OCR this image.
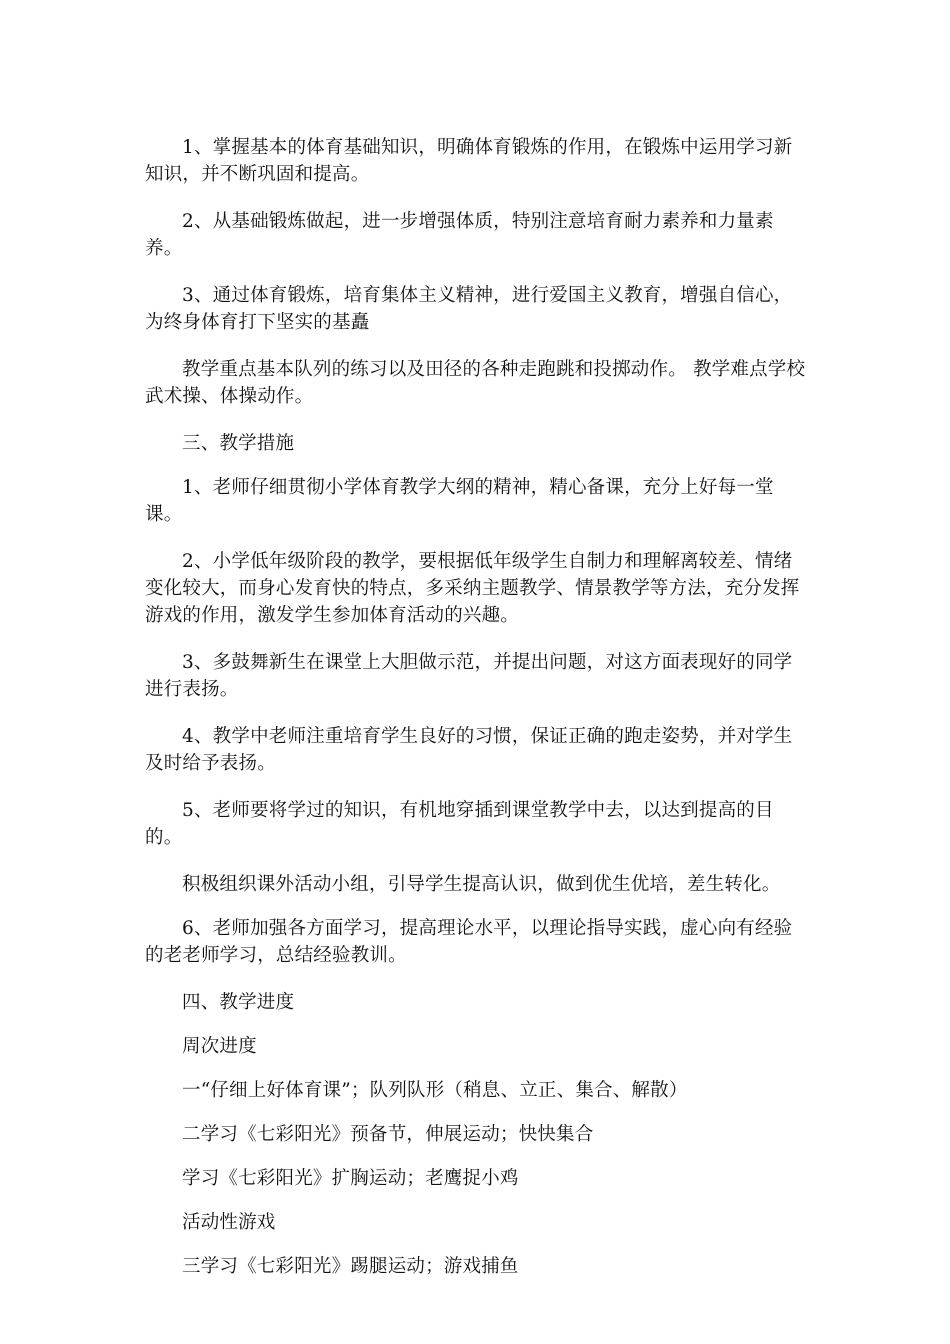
1、掌握基本的体育基础知识，明确体育锻炼的作用，在锻炼中运用学习新知识，并不断巩固和提高。

2、从基础锻炼做起，进一步增强体质，特别注意培育耐力素养和力量素养。

3、通过体育锻炼，培育集体主义精神，进行爱国主义教育，增强自信心，为终身体育打下坚实的基矗

教学重点基本队列的练习以及田径的各种走跑跳和投掷动作。 教学难点学校武术操、体操动作。

三、教学措施

1、老师仔细贯彻小学体育教学大纲的精神，精心备课，充分上好每一堂课。

2、小学低年级阶段的教学，要根据低年级学生自制力和理解离较差、情绪变化较大，而身心发育快的特点，多采纳主题教学、情景教学等方法，充分发挥游戏的作用，激发学生参加体育活动的兴趣。

3、多鼓舞新生在课堂上大胆做示范，并提出问题，对这方面表现好的同学进行表扬。

4、教学中老师注重培育学生良好的习惯，保证正确的跑走姿势，并对学生及时给予表扬。

5、老师要将学过的知识，有机地穿插到课堂教学中去，以达到提高的目的。

积极组织课外活动小组，引导学生提高认识，做到优生优培，差生转化。

6、老师加强各方面学习，提高理论水平，以理论指导实践，虚心向有经验的老老师学习，总结经验教训。

四、教学进度

周次进度

一“仔细上好体育课”；队列队形（稍息、立正、集合、解散）

二学习《七彩阳光》预备节，伸展运动；快快集合

学习《七彩阳光》扩胸运动；老鹰捉小鸡

活动性游戏

三学习《七彩阳光》踢腿运动；游戏捕鱼
